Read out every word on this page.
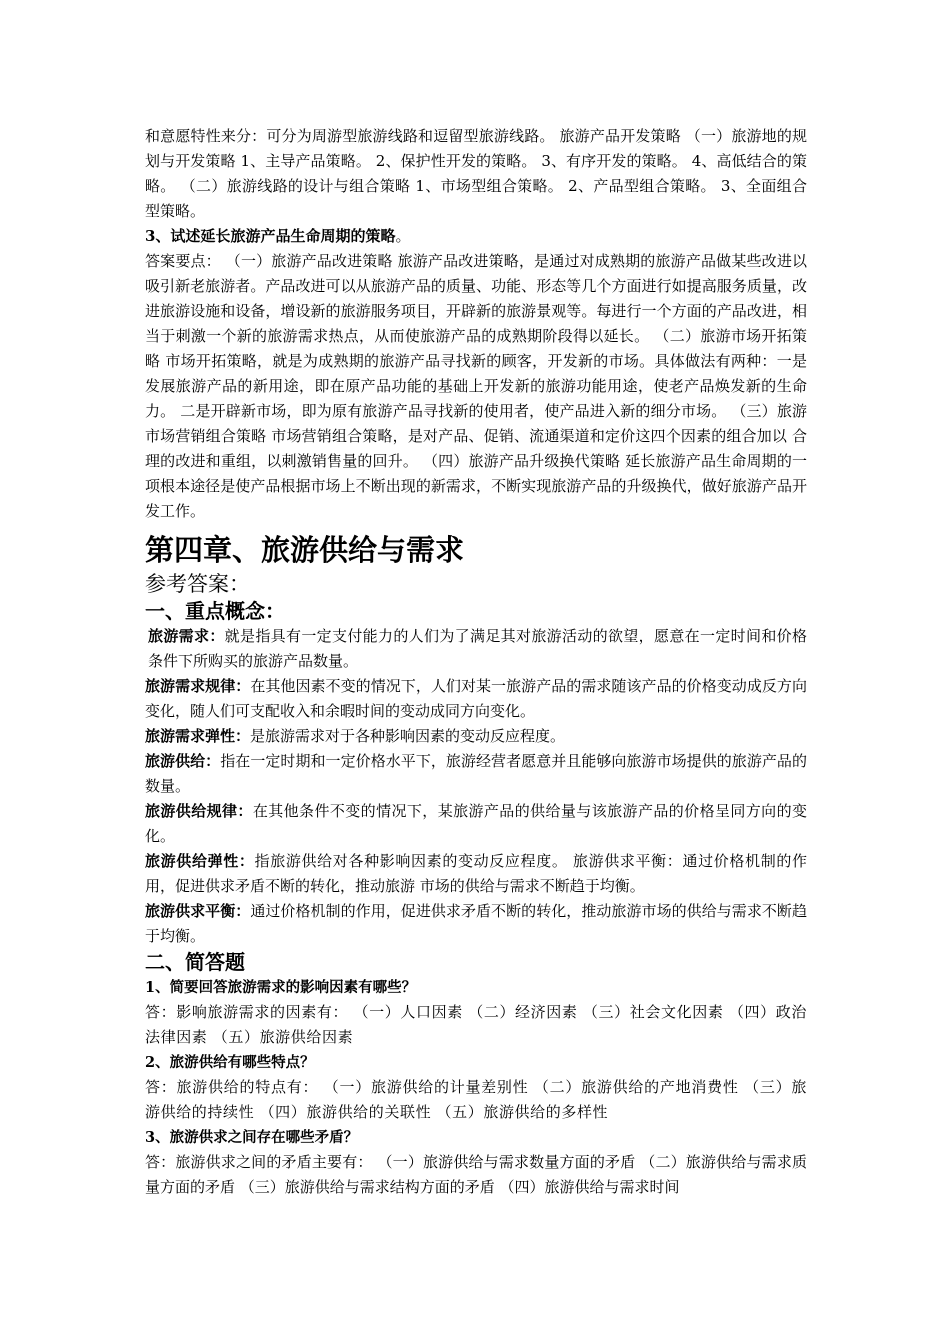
和意愿特性来分：可分为周游型旅游线路和逗留型旅游线路。 旅游产品开发策略 （一）旅游地的规划与开发策略 1、主导产品策略。 2、保护性开发的策略。 3、有序开发的策略。 4、高低结合的策略。 （二）旅游线路的设计与组合策略 1、市场型组合策略。 2、产品型组合策略。 3、全面组合型策略。

3、试述延长旅游产品生命周期的策略。

答案要点： （一）旅游产品改进策略 旅游产品改进策略，是通过对成熟期的旅游产品做某些改进以吸引新老旅游者。产品改进可以从旅游产品的质量、功能、形态等几个方面进行如提高服务质量，改进旅游设施和设备，增设新的旅游服务项目，开辟新的旅游景观等。每进行一个方面的产品改进，相当于刺激一个新的旅游需求热点，从而使旅游产品的成熟期阶段得以延长。 （二）旅游市场开拓策略 市场开拓策略，就是为成熟期的旅游产品寻找新的顾客，开发新的市场。具体做法有两种：一是发展旅游产品的新用途，即在原产品功能的基础上开发新的旅游功能用途，使老产品焕发新的生命力。 二是开辟新市场，即为原有旅游产品寻找新的使用者，使产品进入新的细分市场。 （三）旅游市场营销组合策略 市场营销组合策略，是对产品、促销、流通渠道和定价这四个因素的组合加以 合理的改进和重组，以刺激销售量的回升。 （四）旅游产品升级换代策略 延长旅游产品生命周期的一项根本途径是使产品根据市场上不断出现的新需求，不断实现旅游产品的升级换代，做好旅游产品开发工作。

第四章、旅游供给与需求
参考答案：
一、重点概念：

旅游需求：就是指具有一定支付能力的人们为了满足其对旅游活动的欲望，愿意在一定时间和价格条件下所购买的旅游产品数量。

旅游需求规律：在其他因素不变的情况下，人们对某一旅游产品的需求随该产品的价格变动成反方向变化，随人们可支配收入和余暇时间的变动成同方向变化。

旅游需求弹性：是旅游需求对于各种影响因素的变动反应程度。

旅游供给：指在一定时期和一定价格水平下，旅游经营者愿意并且能够向旅游市场提供的旅游产品的数量。

旅游供给规律：在其他条件不变的情况下，某旅游产品的供给量与该旅游产品的价格呈同方向的变化。

旅游供给弹性：指旅游供给对各种影响因素的变动反应程度。 旅游供求平衡：通过价格机制的作用，促进供求矛盾不断的转化，推动旅游 市场的供给与需求不断趋于均衡。

旅游供求平衡：通过价格机制的作用，促进供求矛盾不断的转化，推动旅游市场的供给与需求不断趋于均衡。

二、简答题

1、简要回答旅游需求的影响因素有哪些？

答：影响旅游需求的因素有： （一）人口因素 （二）经济因素 （三）社会文化因素 （四）政治法律因素 （五）旅游供给因素

2、旅游供给有哪些特点？

答：旅游供给的特点有： （一）旅游供给的计量差别性 （二）旅游供给的产地消费性 （三）旅游供给的持续性 （四）旅游供给的关联性 （五）旅游供给的多样性

3、旅游供求之间存在哪些矛盾？

答：旅游供求之间的矛盾主要有： （一）旅游供给与需求数量方面的矛盾 （二）旅游供给与需求质量方面的矛盾 （三）旅游供给与需求结构方面的矛盾 （四）旅游供给与需求时间
